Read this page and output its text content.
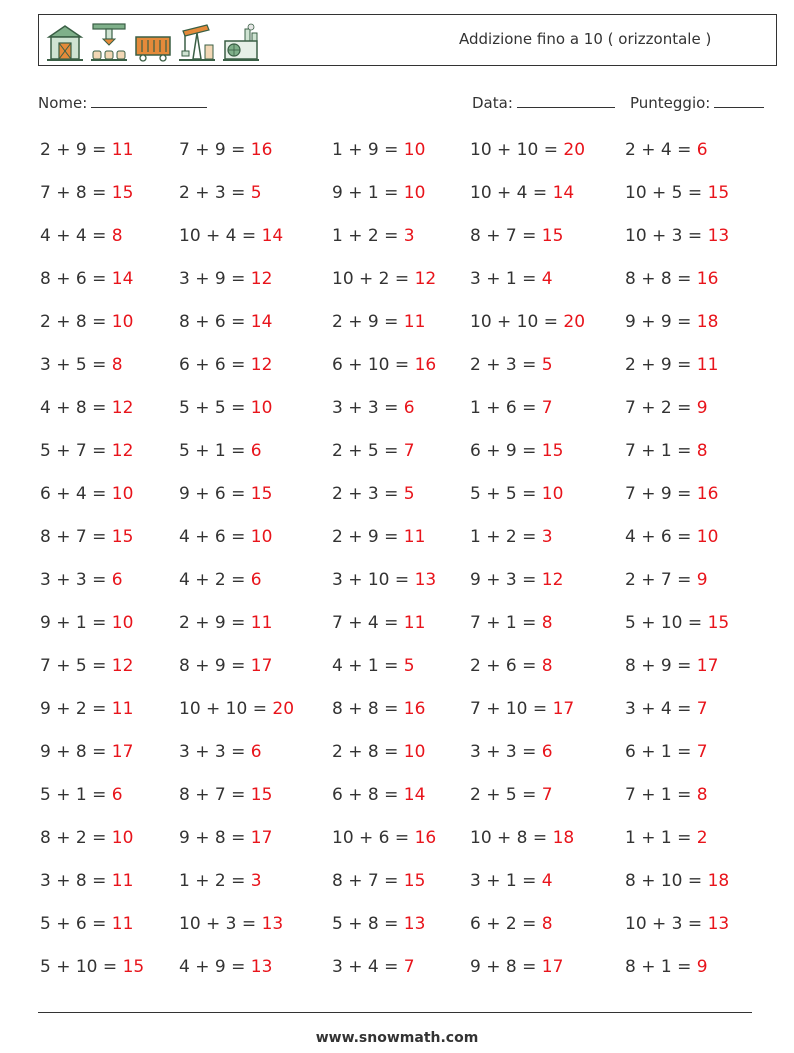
Addizione fino a 10 ( orizzontale )
Nome:	Data:	Punteggio:
2 + 9 = 11	7 + 9 = 16	1 + 9 = 10	10 + 10 = 20 2 + 4 = 6
7 + 8 = 15	2 + 3 = 5	9 + 1 = 10	10 + 4 = 14	10 + 5 = 15
4 + 4 = 8	10 + 4 = 14	1 + 2 = 3	8 + 7 = 15	10 + 3 = 13
8 + 6 = 14	3 + 9 = 12	10 + 2 = 12 3 + 1 = 4	8 + 8 = 16
2 + 8 = 10	8 + 6 = 14	2 + 9 = 11	10 + 10 = 20 9 + 9 = 18
3 + 5 = 8	6 + 6 = 12	6 + 10 = 16 2 + 3 = 5	2 + 9 = 11
4 + 8 = 12	5 + 5 = 10	3 + 3 = 6	1 + 6 = 7	7 + 2 = 9
5 + 7 = 12	5 + 1 = 6	2 + 5 = 7	6 + 9 = 15	7 + 1 = 8
6 + 4 = 10	9 + 6 = 15	2 + 3 = 5	5 + 5 = 10	7 + 9 = 16
8 + 7 = 15	4 + 6 = 10	2 + 9 = 11	1 + 2 = 3	4 + 6 = 10
3 + 3 = 6	4 + 2 = 6	3 + 10 = 13 9 + 3 = 12	2 + 7 = 9
9 + 1 = 10	2 + 9 = 11	7 + 4 = 11	7 + 1 = 8	5 + 10 = 15
7 + 5 = 12	8 + 9 = 17	4 + 1 = 5	2 + 6 = 8	8 + 9 = 17
9 + 2 = 11	10 + 10 = 20 8 + 8 = 16	7 + 10 = 17	3 + 4 = 7
9 + 8 = 17	3 + 3 = 6	2 + 8 = 10	3 + 3 = 6	6 + 1 = 7
5 + 1 = 6	8 + 7 = 15	6 + 8 = 14	2 + 5 = 7	7 + 1 = 8
8 + 2 = 10	9 + 8 = 17	10 + 6 = 16 10 + 8 = 18	1 + 1 = 2
3 + 8 = 11	1 + 2 = 3	8 + 7 = 15	3 + 1 = 4	8 + 10 = 18
5 + 6 = 11	10 + 3 = 13	5 + 8 = 13	6 + 2 = 8	10 + 3 = 13
5 + 10 = 15 4 + 9 = 13	3 + 4 = 7	9 + 8 = 17	8 + 1 = 9
www.snowmath.com
